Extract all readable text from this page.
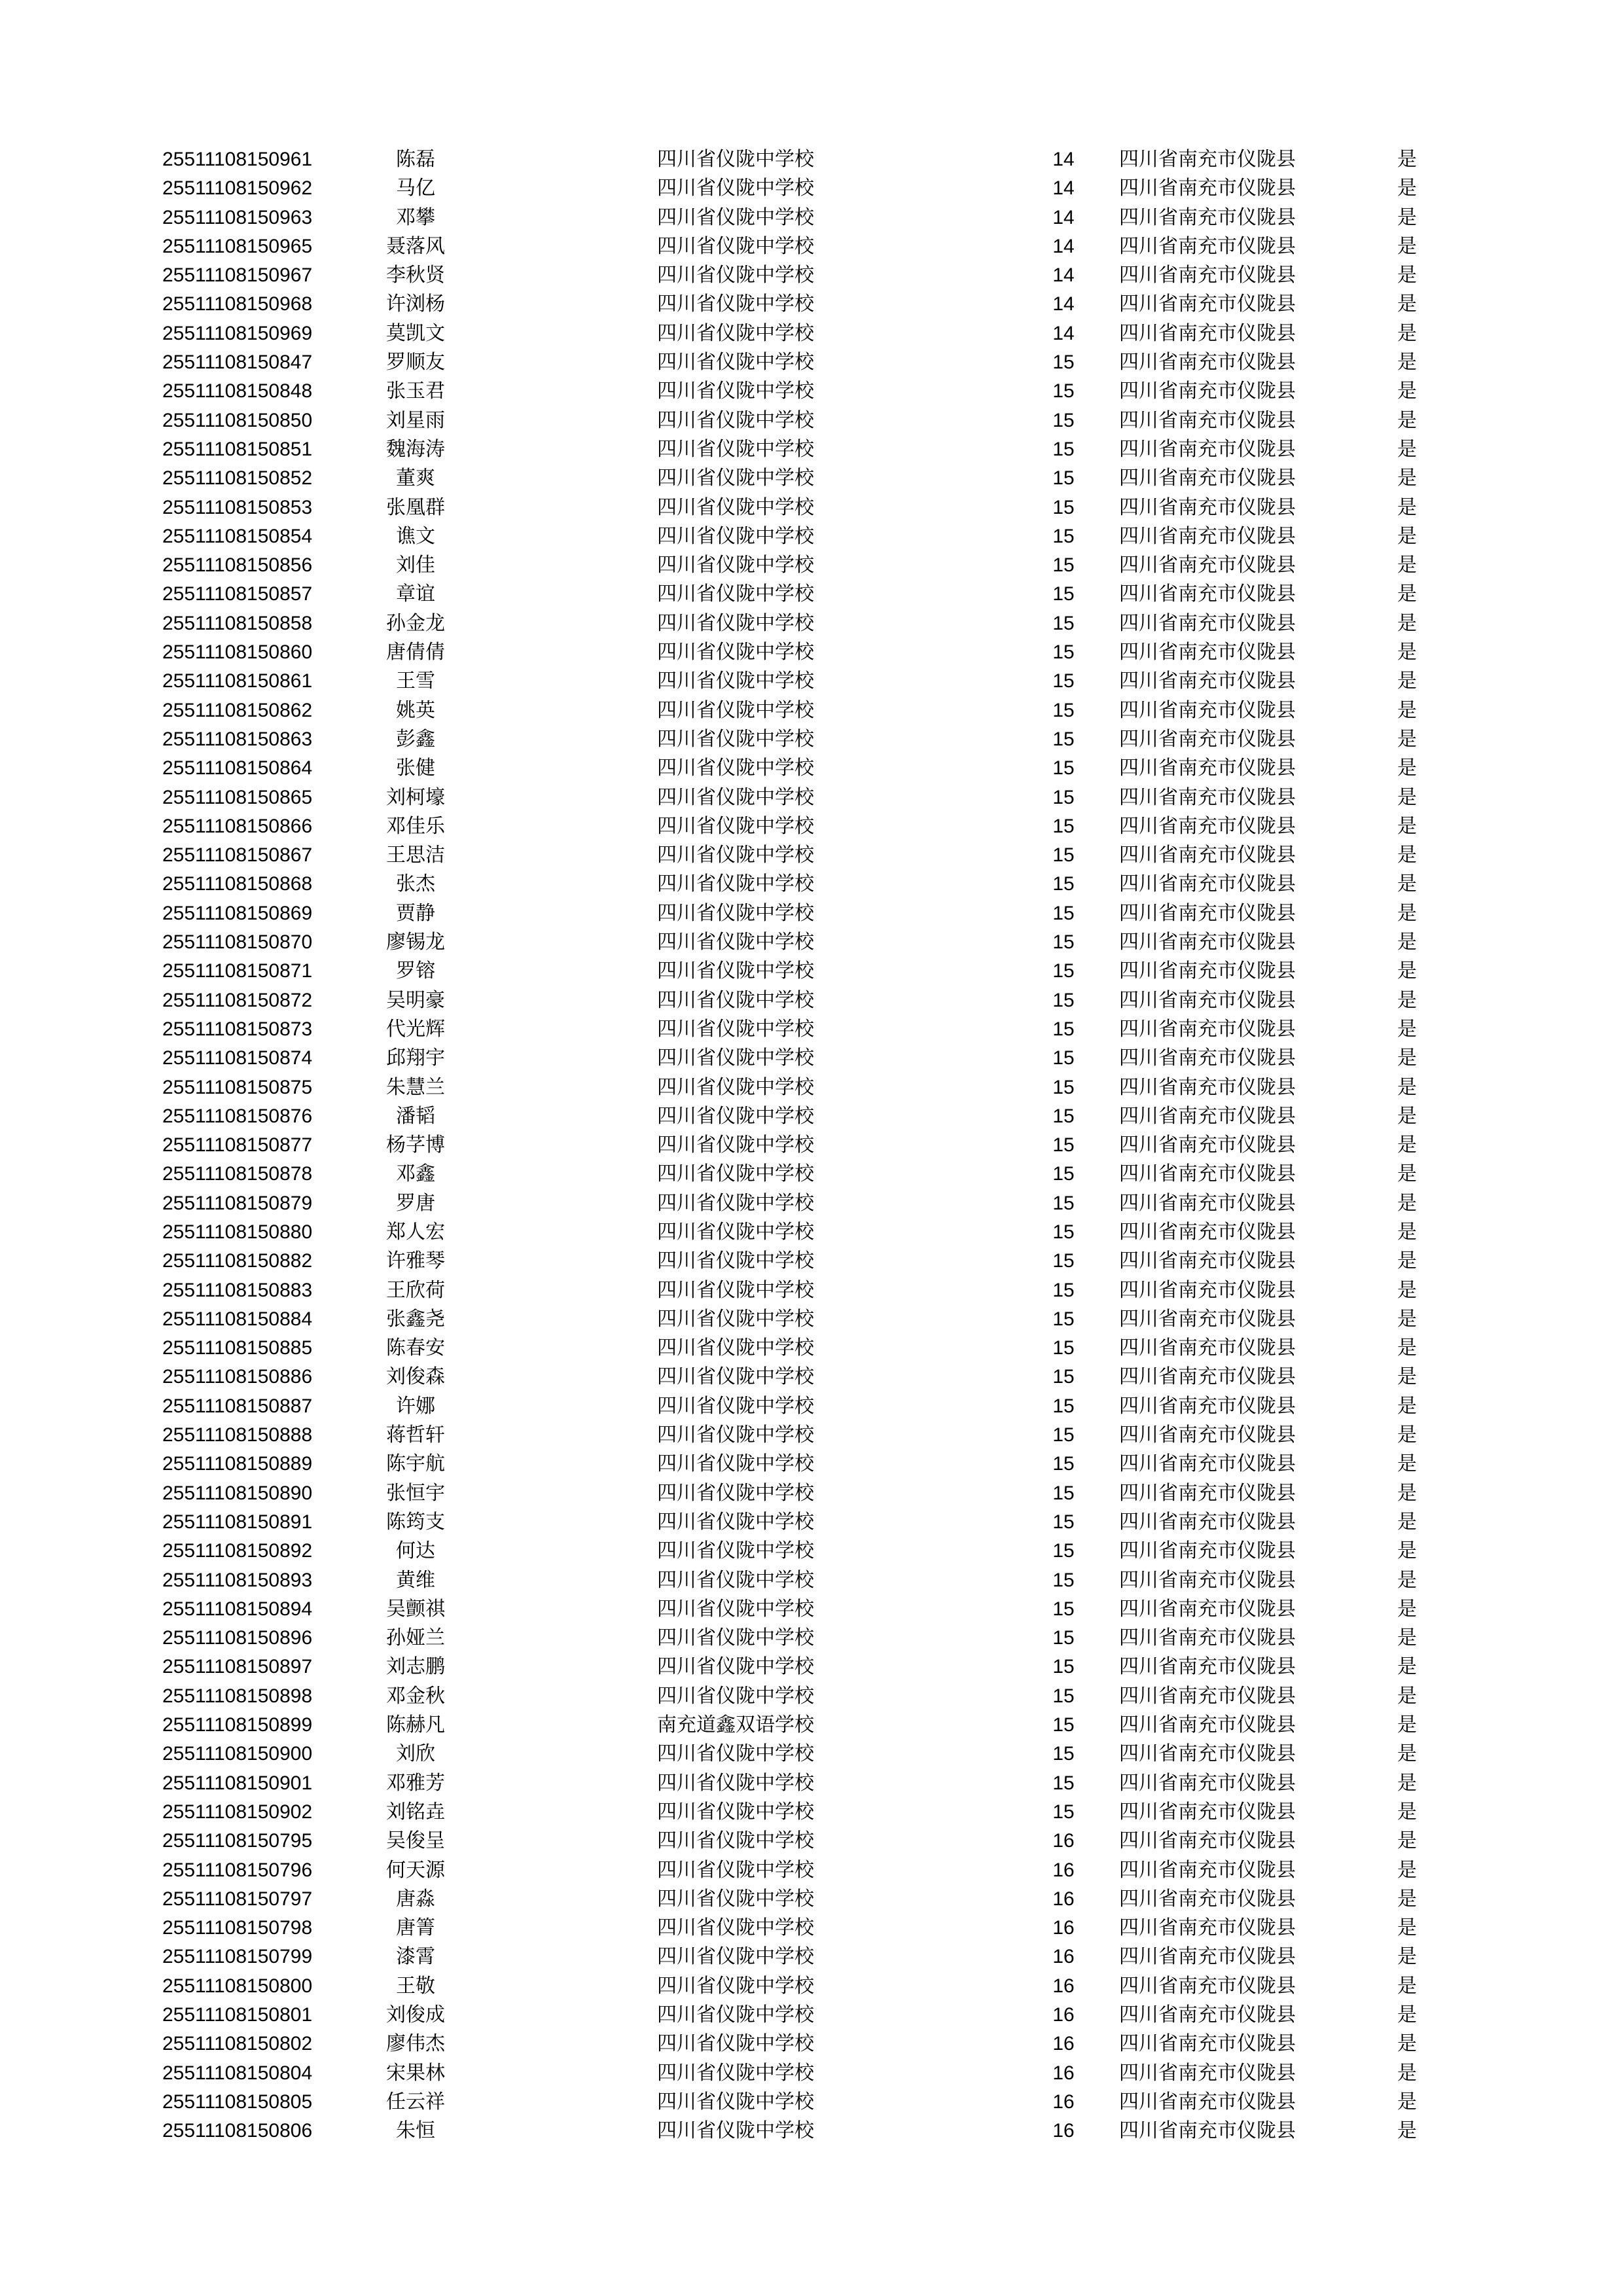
25511108150961	陈磊	四川省仪陇中学校	14	四川省南充市仪陇县	是
25511108150962	马亿	四川省仪陇中学校	14	四川省南充市仪陇县	是
25511108150963	邓攀	四川省仪陇中学校	14	四川省南充市仪陇县	是
25511108150965	聂落风	四川省仪陇中学校	14	四川省南充市仪陇县	是
25511108150967	李秋贤	四川省仪陇中学校	14	四川省南充市仪陇县	是
25511108150968	许浏杨	四川省仪陇中学校	14	四川省南充市仪陇县	是
25511108150969	莫凯文	四川省仪陇中学校	14	四川省南充市仪陇县	是
25511108150847	罗顺友	四川省仪陇中学校	15	四川省南充市仪陇县	是
25511108150848	张玉君	四川省仪陇中学校	15	四川省南充市仪陇县	是
25511108150850	刘星雨	四川省仪陇中学校	15	四川省南充市仪陇县	是
25511108150851	魏海涛	四川省仪陇中学校	15	四川省南充市仪陇县	是
25511108150852	董爽	四川省仪陇中学校	15	四川省南充市仪陇县	是
25511108150853	张凰群	四川省仪陇中学校	15	四川省南充市仪陇县	是
25511108150854	谯文	四川省仪陇中学校	15	四川省南充市仪陇县	是
25511108150856	刘佳	四川省仪陇中学校	15	四川省南充市仪陇县	是
25511108150857	章谊	四川省仪陇中学校	15	四川省南充市仪陇县	是
25511108150858	孙金龙	四川省仪陇中学校	15	四川省南充市仪陇县	是
25511108150860	唐倩倩	四川省仪陇中学校	15	四川省南充市仪陇县	是
25511108150861	王雪	四川省仪陇中学校	15	四川省南充市仪陇县	是
25511108150862	姚英	四川省仪陇中学校	15	四川省南充市仪陇县	是
25511108150863	彭鑫	四川省仪陇中学校	15	四川省南充市仪陇县	是
25511108150864	张健	四川省仪陇中学校	15	四川省南充市仪陇县	是
25511108150865	刘柯壕	四川省仪陇中学校	15	四川省南充市仪陇县	是
25511108150866	邓佳乐	四川省仪陇中学校	15	四川省南充市仪陇县	是
25511108150867	王思洁	四川省仪陇中学校	15	四川省南充市仪陇县	是
25511108150868	张杰	四川省仪陇中学校	15	四川省南充市仪陇县	是
25511108150869	贾静	四川省仪陇中学校	15	四川省南充市仪陇县	是
25511108150870	廖锡龙	四川省仪陇中学校	15	四川省南充市仪陇县	是
25511108150871	罗镕	四川省仪陇中学校	15	四川省南充市仪陇县	是
25511108150872	吴明豪	四川省仪陇中学校	15	四川省南充市仪陇县	是
25511108150873	代光辉	四川省仪陇中学校	15	四川省南充市仪陇县	是
25511108150874	邱翔宇	四川省仪陇中学校	15	四川省南充市仪陇县	是
25511108150875	朱慧兰	四川省仪陇中学校	15	四川省南充市仪陇县	是
25511108150876	潘韬	四川省仪陇中学校	15	四川省南充市仪陇县	是
25511108150877	杨芓博	四川省仪陇中学校	15	四川省南充市仪陇县	是
25511108150878	邓鑫	四川省仪陇中学校	15	四川省南充市仪陇县	是
25511108150879	罗唐	四川省仪陇中学校	15	四川省南充市仪陇县	是
25511108150880	郑人宏	四川省仪陇中学校	15	四川省南充市仪陇县	是
25511108150882	许雅琴	四川省仪陇中学校	15	四川省南充市仪陇县	是
25511108150883	王欣荷	四川省仪陇中学校	15	四川省南充市仪陇县	是
25511108150884	张鑫尧	四川省仪陇中学校	15	四川省南充市仪陇县	是
25511108150885	陈春安	四川省仪陇中学校	15	四川省南充市仪陇县	是
25511108150886	刘俊森	四川省仪陇中学校	15	四川省南充市仪陇县	是
25511108150887	许娜	四川省仪陇中学校	15	四川省南充市仪陇县	是
25511108150888	蒋哲轩	四川省仪陇中学校	15	四川省南充市仪陇县	是
25511108150889	陈宇航	四川省仪陇中学校	15	四川省南充市仪陇县	是
25511108150890	张恒宇	四川省仪陇中学校	15	四川省南充市仪陇县	是
25511108150891	陈筠支	四川省仪陇中学校	15	四川省南充市仪陇县	是
25511108150892	何达	四川省仪陇中学校	15	四川省南充市仪陇县	是
25511108150893	黄维	四川省仪陇中学校	15	四川省南充市仪陇县	是
25511108150894	吴颤祺	四川省仪陇中学校	15	四川省南充市仪陇县	是
25511108150896	孙娅兰	四川省仪陇中学校	15	四川省南充市仪陇县	是
25511108150897	刘志鹏	四川省仪陇中学校	15	四川省南充市仪陇县	是
25511108150898	邓金秋	四川省仪陇中学校	15	四川省南充市仪陇县	是
25511108150899	陈赫凡	南充道鑫双语学校	15	四川省南充市仪陇县	是
25511108150900	刘欣	四川省仪陇中学校	15	四川省南充市仪陇县	是
25511108150901	邓雅芳	四川省仪陇中学校	15	四川省南充市仪陇县	是
25511108150902	刘铭垚	四川省仪陇中学校	15	四川省南充市仪陇县	是
25511108150795	吴俊呈	四川省仪陇中学校	16	四川省南充市仪陇县	是
25511108150796	何天源	四川省仪陇中学校	16	四川省南充市仪陇县	是
25511108150797	唐淼	四川省仪陇中学校	16	四川省南充市仪陇县	是
25511108150798	唐箐	四川省仪陇中学校	16	四川省南充市仪陇县	是
25511108150799	漆霄	四川省仪陇中学校	16	四川省南充市仪陇县	是
25511108150800	王敬	四川省仪陇中学校	16	四川省南充市仪陇县	是
25511108150801	刘俊成	四川省仪陇中学校	16	四川省南充市仪陇县	是
25511108150802	廖伟杰	四川省仪陇中学校	16	四川省南充市仪陇县	是
25511108150804	宋果林	四川省仪陇中学校	16	四川省南充市仪陇县	是
25511108150805	任云祥	四川省仪陇中学校	16	四川省南充市仪陇县	是
25511108150806	朱恒	四川省仪陇中学校	16	四川省南充市仪陇县	是
